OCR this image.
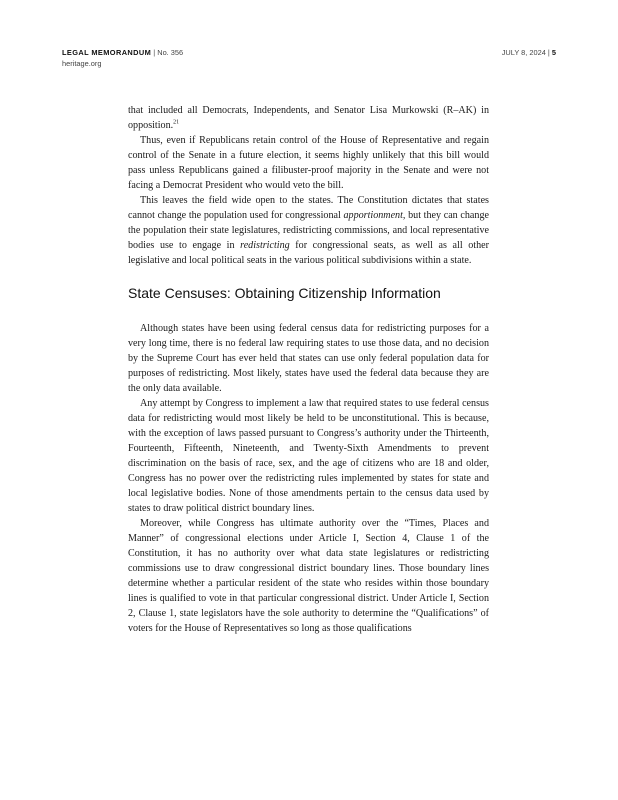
LEGAL MEMORANDUM | No. 356
heritage.org
JULY 8, 2024 | 5

that included all Democrats, Independents, and Senator Lisa Murkowski (R–AK) in opposition.$^{21}$

Thus, even if Republicans retain control of the House of Representative and regain control of the Senate in a future election, it seems highly unlikely that this bill would pass unless Republicans gained a filibuster-proof majority in the Senate and were not facing a Democrat President who would veto the bill.

This leaves the field wide open to the states. The Constitution dictates that states cannot change the population used for congressional apportionment, but they can change the population their state legislatures, redistricting commissions, and local representative bodies use to engage in redistricting for congressional seats, as well as all other legislative and local political seats in the various political subdivisions within a state.

State Censuses: Obtaining Citizenship Information

Although states have been using federal census data for redistricting purposes for a very long time, there is no federal law requiring states to use those data, and no decision by the Supreme Court has ever held that states can use only federal population data for purposes of redistricting. Most likely, states have used the federal data because they are the only data available.

Any attempt by Congress to implement a law that required states to use federal census data for redistricting would most likely be held to be unconstitutional. This is because, with the exception of laws passed pursuant to Congress’s authority under the Thirteenth, Fourteenth, Fifteenth, Nineteenth, and Twenty-Sixth Amendments to prevent discrimination on the basis of race, sex, and the age of citizens who are 18 and older, Congress has no power over the redistricting rules implemented by states for state and local legislative bodies. None of those amendments pertain to the census data used by states to draw political district boundary lines.

Moreover, while Congress has ultimate authority over the “Times, Places and Manner” of congressional elections under Article I, Section 4, Clause 1 of the Constitution, it has no authority over what data state legislatures or redistricting commissions use to draw congressional district boundary lines. Those boundary lines determine whether a particular resident of the state who resides within those boundary lines is qualified to vote in that particular congressional district. Under Article I, Section 2, Clause 1, state legislators have the sole authority to determine the “Qualifications” of voters for the House of Representatives so long as those qualifications
